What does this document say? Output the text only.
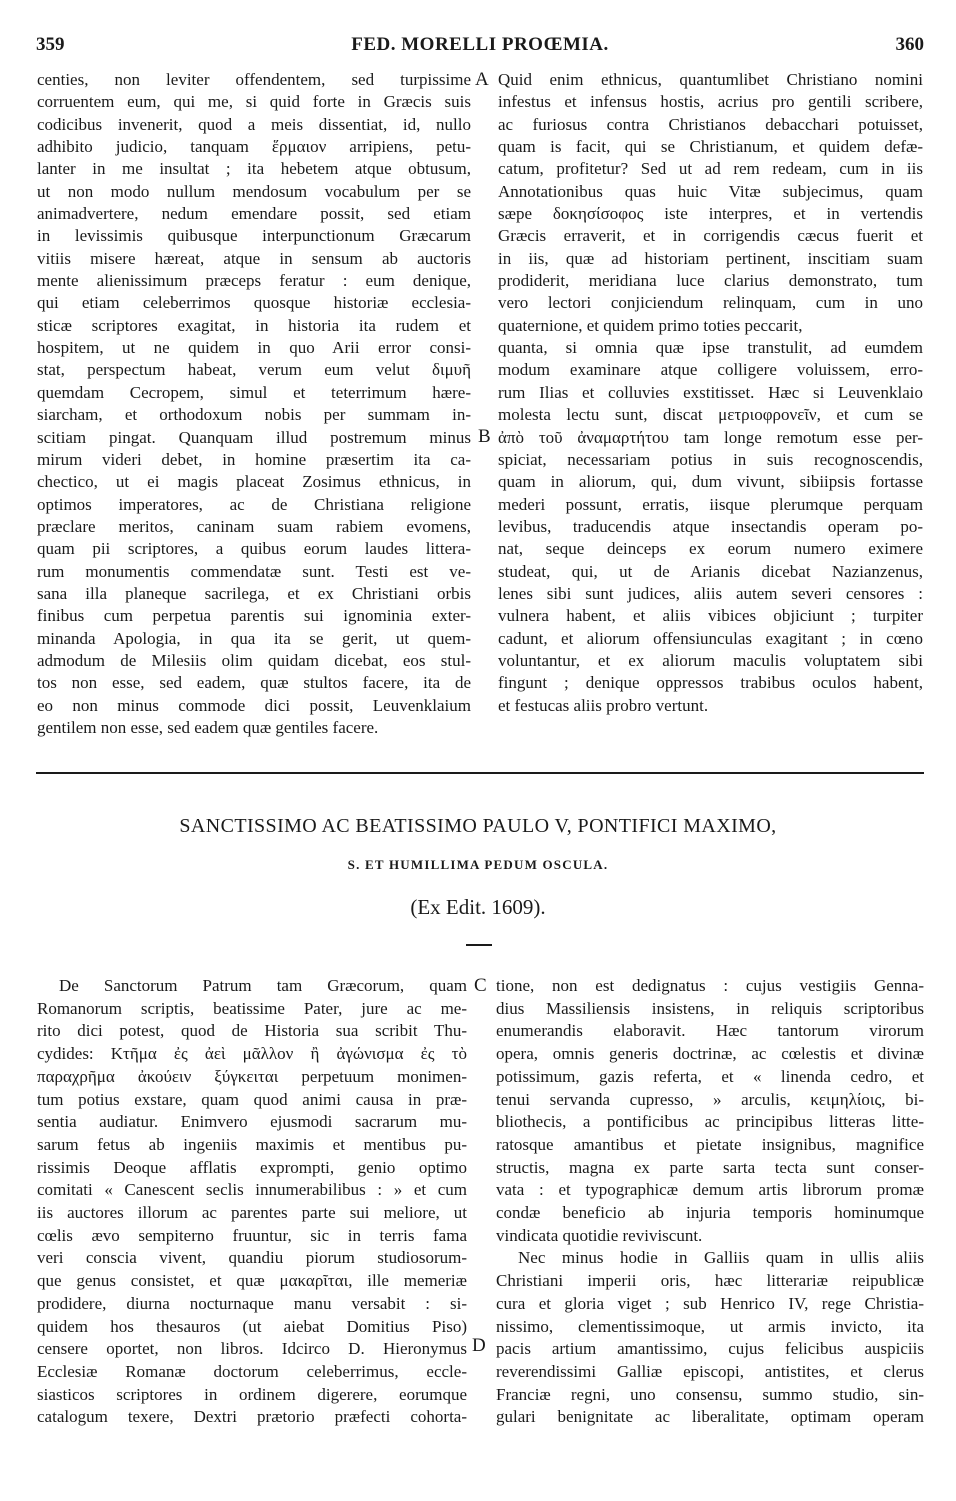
359	FED. MORELLI PROŒMIA.	360
centies, non leviter offendentem, sed turpissime
corruentem eum, qui me, si quid forte in Græcis suis
codicibus invenerit, quod a meis dissentiat, id, nullo
adhibito judicio, tanquam ἕρμαιον arripiens, petu-
lanter in me insultat ; ita hebetem atque obtusum,
ut non modo nullum mendosum vocabulum per se
animadvertere, nedum emendare possit, sed etiam
in levissimis quibusque interpunctionum Græcarum
vitiis misere hæreat, atque in sensum ab auctoris
mente alienissimum præceps feratur : eum denique,
qui etiam celeberrimos quosque historiæ ecclesia-
sticæ scriptores exagitat, in historia ita rudem et
hospitem, ut ne quidem in quo Arii error consi-
stat, perspectum habeat, verum eum velut διμυῆ
quemdam Cecropem, simul et teterrimum hære-
siarcham, et orthodoxum nobis per summam in-
scitiam pingat. Quanquam illud postremum minus
mirum videri debet, in homine præsertim ita ca-
chectico, ut ei magis placeat Zosimus ethnicus, in
optimos imperatores, ac de Christiana religione
præclare meritos, caninam suam rabiem evomens,
quam pii scriptores, a quibus eorum laudes littera-
rum monumentis commendatæ sunt. Testi est ve-
sana illa planeque sacrilega, et ex Christiani orbis
finibus cum perpetua parentis sui ignominia exter-
minanda Apologia, in qua ita se gerit, ut quem-
admodum de Milesiis olim quidam dicebat, eos stul-
tos non esse, sed eadem, quæ stultos facere, ita de
eo non minus commode dici possit, Leuvenklaium
gentilem non esse, sed eadem quæ gentiles facere.
Quid enim ethnicus, quantumlibet Christiano nomini
infestus et infensus hostis, acrius pro gentili scribere,
ac furiosus contra Christianos debacchari potuisset,
quam is facit, qui se Christianum, et quidem defæ-
catum, profitetur? Sed ut ad rem redeam, cum in iis
Annotationibus quas huic Vitæ subjecimus, quam
sæpe δοκησίσοφος iste interpres, et in vertendis
Græcis erraverit, et in corrigendis cæcus fuerit et
in iis, quæ ad historiam pertinent, inscitiam suam
prodiderit, meridiana luce clarius demonstrato, tum
vero lectori conjiciendum relinquam, cum in uno
quaternione, et quidem primo toties peccarit,
quanta, si omnia quæ ipse transtulit, ad eumdem
modum examinare atque colligere voluissem, erro-
rum Ilias et colluvies exstitisset. Hæc si Leuvenklaio
molesta lectu sunt, discat μετριοφρονεῖν, et cum se
ἀπὸ τοῦ ἀναμαρτήτου tam longe remotum esse per-
spiciat, necessariam potius in suis recognoscendis,
quam in aliorum, qui, dum vivunt, sibiipsis fortasse
mederi possunt, erratis, iisque plerumque perquam
levibus, traducendis atque insectandis operam po-
nat, seque deinceps ex eorum numero eximere
studeat, qui, ut de Arianis dicebat Nazianzenus,
lenes sibi sunt judices, aliis autem severi censores :
vulnera habent, et aliis vibices objiciunt ; turpiter
cadunt, et aliorum offensiunculas exagitant ; in cœno
voluntantur, et ex aliorum maculis voluptatem sibi
fingunt ; denique oppressos trabibus oculos habent,
et festucas aliis probro vertunt.
A
B
SANCTISSIMO AC BEATISSIMO PAULO V, PONTIFICI MAXIMO,
S. ET HUMILLIMA PEDUM OSCULA.
(Ex Edit. 1609).
De Sanctorum Patrum tam Græcorum, quam
Romanorum scriptis, beatissime Pater, jure ac me-
rito dici potest, quod de Historia sua scribit Thu-
cydides: Κτῆμα ἐς ἀεὶ μᾶλλον ἢ ἀγώνισμα ἐς τὸ
παραχρῆμα ἀκούειν ξύγκειται perpetuum monimen-
tum potius exstare, quam quod animi causa in præ-
sentia audiatur. Enimvero ejusmodi sacrarum mu-
sarum fetus ab ingeniis maximis et mentibus pu-
rissimis Deoque afflatis exprompti, genio optimo
comitati « Canescent seclis innumerabilibus : » et cum
iis auctores illorum ac parentes parte sui meliore, ut
cœlis ævo sempiterno fruuntur, sic in terris fama
veri conscia vivent, quandiu piorum studiosorum-
que genus consistet, et quæ μακαρῖται, ille memeriæ
prodidere, diurna nocturnaque manu versabit : si-
quidem hos thesauros (ut aiebat Domitius Piso)
censere oportet, non libros. Idcirco D. Hieronymus
Ecclesiæ Romanæ doctorum celeberrimus, eccle-
siasticos scriptores in ordinem digerere, eorumque
catalogum texere, Dextri prætorio præfecti cohorta-
tione, non est dedignatus : cujus vestigiis Genna-
dius Massiliensis insistens, in reliquis scriptoribus
enumerandis elaboravit. Hæc tantorum virorum
opera, omnis generis doctrinæ, ac cœlestis et divinæ
potissimum, gazis referta, et « linenda cedro, et
tenui servanda cupresso, » arculis, κειμηλίοις, bi-
bliothecis, a pontificibus ac principibus litteras litte-
ratosque amantibus et pietate insignibus, magnifice
structis, magna ex parte sarta tecta sunt conser-
vata : et typographicæ demum artis librorum promæ
condæ beneficio ab injuria temporis hominumque
vindicata quotidie reviviscunt.
Nec minus hodie in Galliis quam in ullis aliis
Christiani imperii oris, hæc litterariæ reipublicæ
cura et gloria viget ; sub Henrico IV, rege Christia-
nissimo, clementissimoque, ut armis invicto, ita
pacis artium amantissimo, cujus felicibus auspiciis
reverendissimi Galliæ episcopi, antistites, et clerus
Franciæ regni, uno consensu, summo studio, sin-
gulari benignitate ac liberalitate, optimam operam
C
D
